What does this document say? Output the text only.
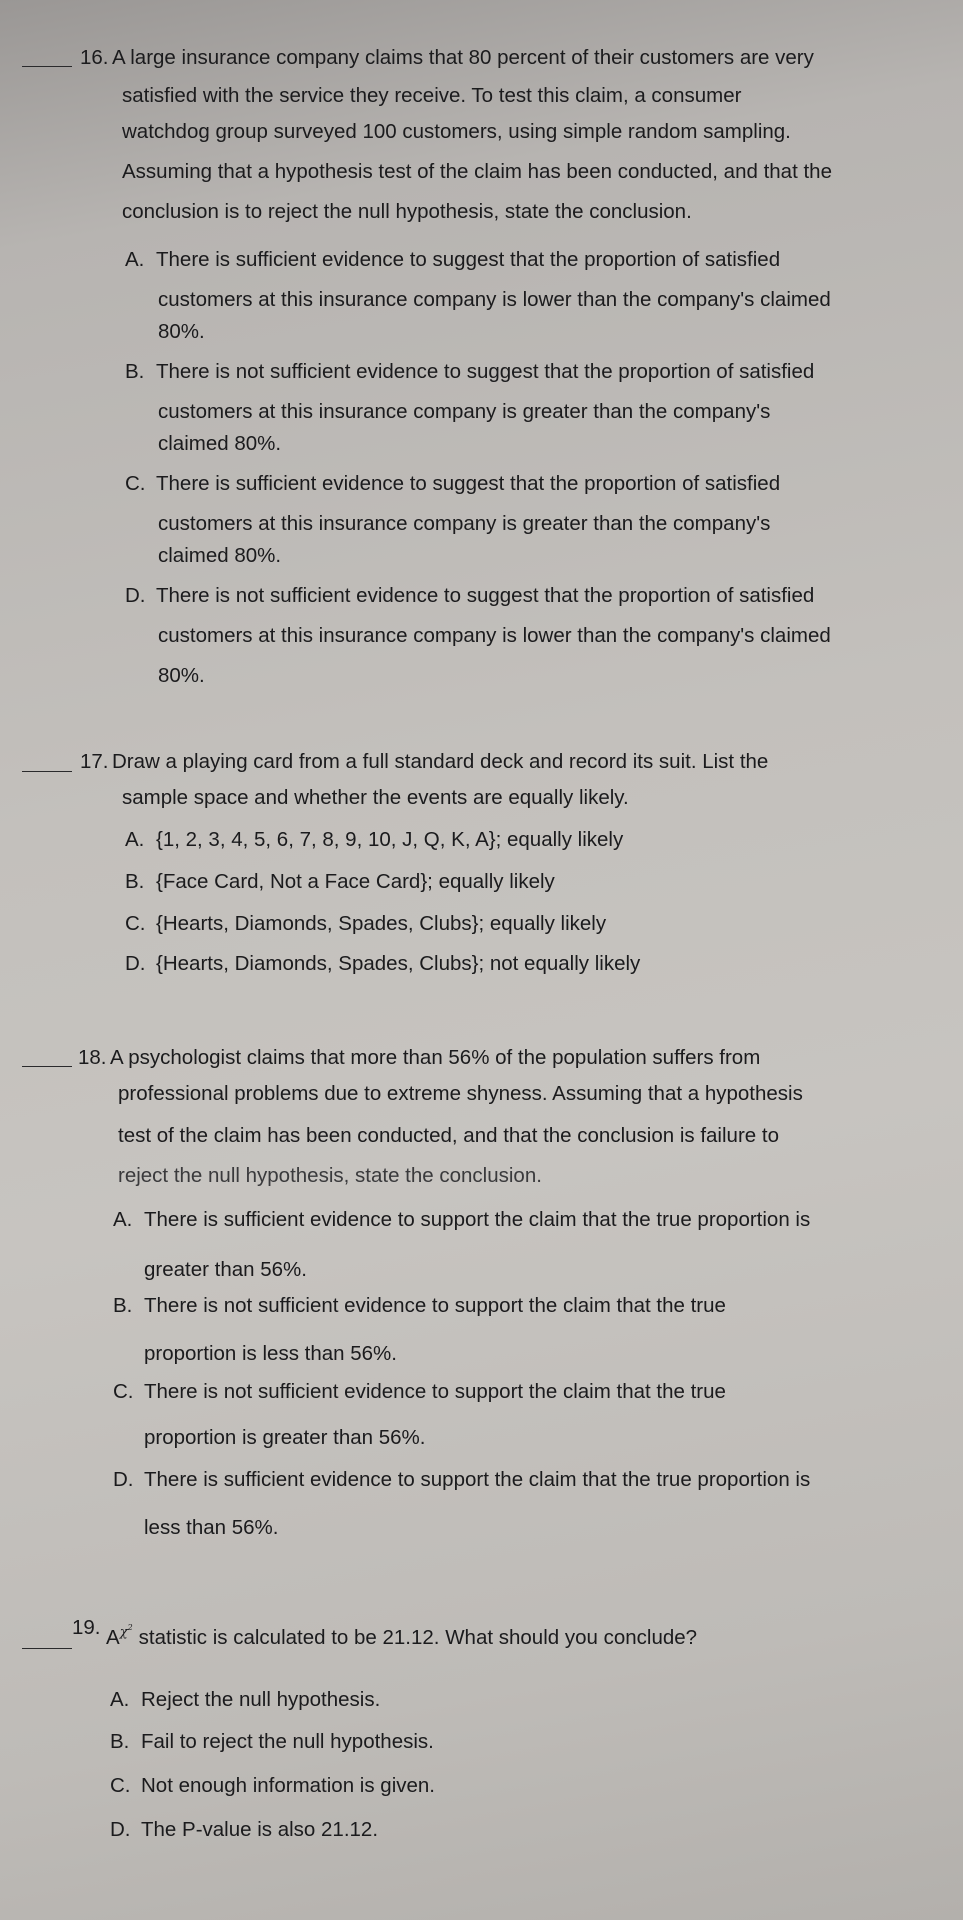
16. A large insurance company claims that 80 percent of their customers are very
satisfied with the service they receive. To test this claim, a consumer
watchdog group surveyed 100 customers, using simple random sampling.
Assuming that a hypothesis test of the claim has been conducted, and that the
conclusion is to reject the null hypothesis, state the conclusion.
A. There is sufficient evidence to suggest that the proportion of satisfied
customers at this insurance company is lower than the company's claimed
80%.
B. There is not sufficient evidence to suggest that the proportion of satisfied
customers at this insurance company is greater than the company's
claimed 80%.
C. There is sufficient evidence to suggest that the proportion of satisfied
customers at this insurance company is greater than the company's
claimed 80%.
D. There is not sufficient evidence to suggest that the proportion of satisfied
customers at this insurance company is lower than the company's claimed
80%.
17. Draw a playing card from a full standard deck and record its suit. List the
sample space and whether the events are equally likely.
A. {1, 2, 3, 4, 5, 6, 7, 8, 9, 10, J, Q, K, A}; equally likely
B. {Face Card, Not a Face Card}; equally likely
C. {Hearts, Diamonds, Spades, Clubs}; equally likely
D. {Hearts, Diamonds, Spades, Clubs}; not equally likely
18. A psychologist claims that more than 56% of the population suffers from
professional problems due to extreme shyness. Assuming that a hypothesis
test of the claim has been conducted, and that the conclusion is failure to
reject the null hypothesis, state the conclusion.
A. There is sufficient evidence to support the claim that the true proportion is
greater than 56%.
B. There is not sufficient evidence to support the claim that the true
proportion is less than 56%.
C. There is not sufficient evidence to support the claim that the true
proportion is greater than 56%.
D. There is sufficient evidence to support the claim that the true proportion is
less than 56%.
19. $A\chi^2$ statistic is calculated to be 21.12. What should you conclude?
A. Reject the null hypothesis.
B. Fail to reject the null hypothesis.
C. Not enough information is given.
D. The P-value is also 21.12.
